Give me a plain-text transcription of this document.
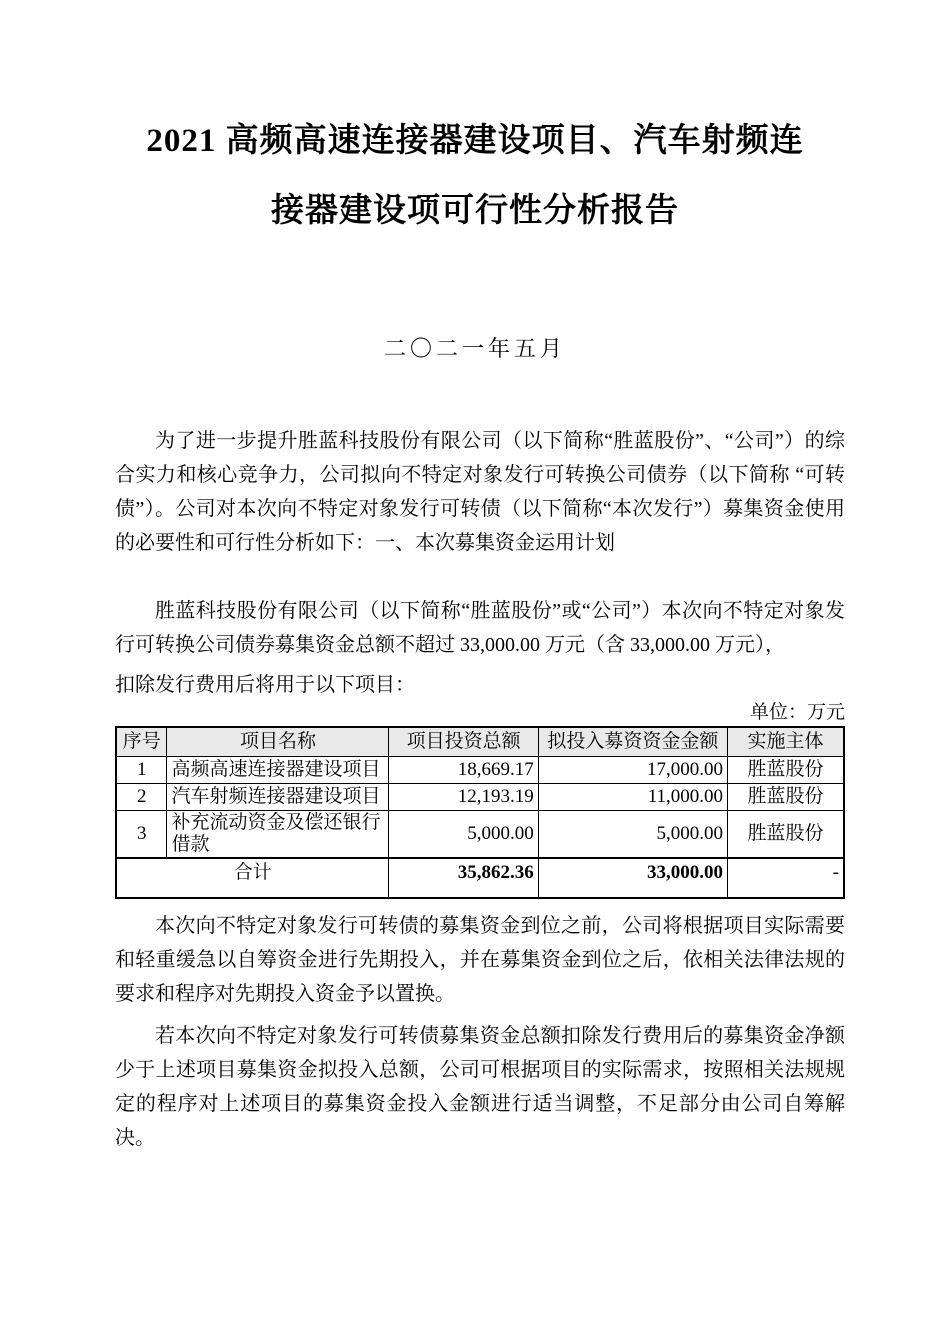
2021 高频高速连接器建设项目、汽车射频连
接器建设项可行性分析报告
二〇二一年五月

为了进一步提升胜蓝科技股份有限公司（以下简称“胜蓝股份”、“公司”）的综合实力和核心竞争力，公司拟向不特定对象发行可转换公司债券（以下简称 “可转债”）。公司对本次向不特定对象发行可转债（以下简称“本次发行”）募集资金使用的必要性和可行性分析如下：一、本次募集资金运用计划

胜蓝科技股份有限公司（以下简称“胜蓝股份”或“公司”）本次向不特定对象发行可转换公司债券募集资金总额不超过 33,000.00 万元（含 33,000.00 万元），

扣除发行费用后将用于以下项目：

单位：万元
序号	项目名称	项目投资总额	拟投入募资资金金额	实施主体
1	高频高速连接器建设项目	18,669.17	17,000.00	胜蓝股份
2	汽车射频连接器建设项目	12,193.19	11,000.00	胜蓝股份
3	补充流动资金及偿还银行借款	5,000.00	5,000.00	胜蓝股份
合计		35,862.36	33,000.00	-

本次向不特定对象发行可转债的募集资金到位之前，公司将根据项目实际需要和轻重缓急以自筹资金进行先期投入，并在募集资金到位之后，依相关法律法规的要求和程序对先期投入资金予以置换。

若本次向不特定对象发行可转债募集资金总额扣除发行费用后的募集资金净额少于上述项目募集资金拟投入总额，公司可根据项目的实际需求，按照相关法规规定的程序对上述项目的募集资金投入金额进行适当调整，不足部分由公司自筹解决。
